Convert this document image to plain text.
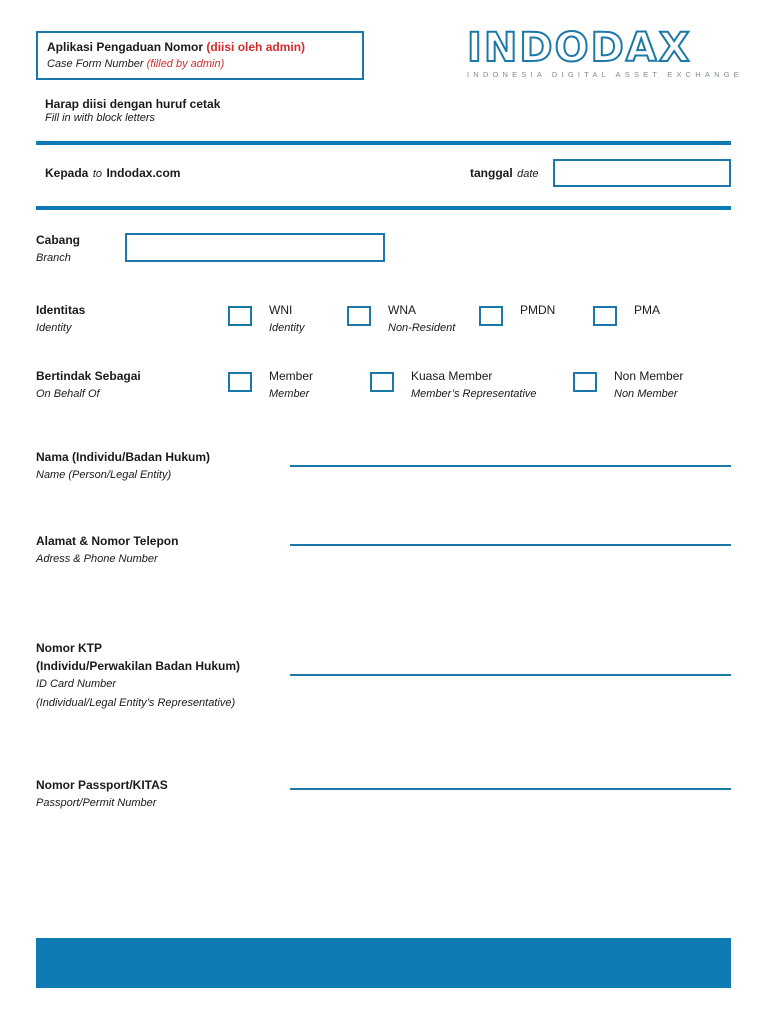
Aplikasi Pengaduan Nomor (diisi oleh admin)
Case Form Number (filled by admin)	INDODAX
INDONESIA DIGITAL ASSET EXCHANGE
Harap diisi dengan huruf cetak
Fill in with block letters
Kepada to Indodax.com	tanggal date
Cabang
Branch
Identitas
Identity
WNI
Identity
WNA
Non-Resident
PMDN	PMA
Bertindak Sebagai
On Behalf Of
Member
Member
Kuasa Member
Member’s Representative
Non Member
Non Member
Nama (Individu/Badan Hukum)
Name (Person/Legal Entity)
Alamat & Nomor Telepon
Adress & Phone Number
Nomor KTP
(Individu/Perwakilan Badan Hukum)
ID Card Number
(Individual/Legal Entity’s Representative)
Nomor Passport/KITAS
Passport/Permit Number
